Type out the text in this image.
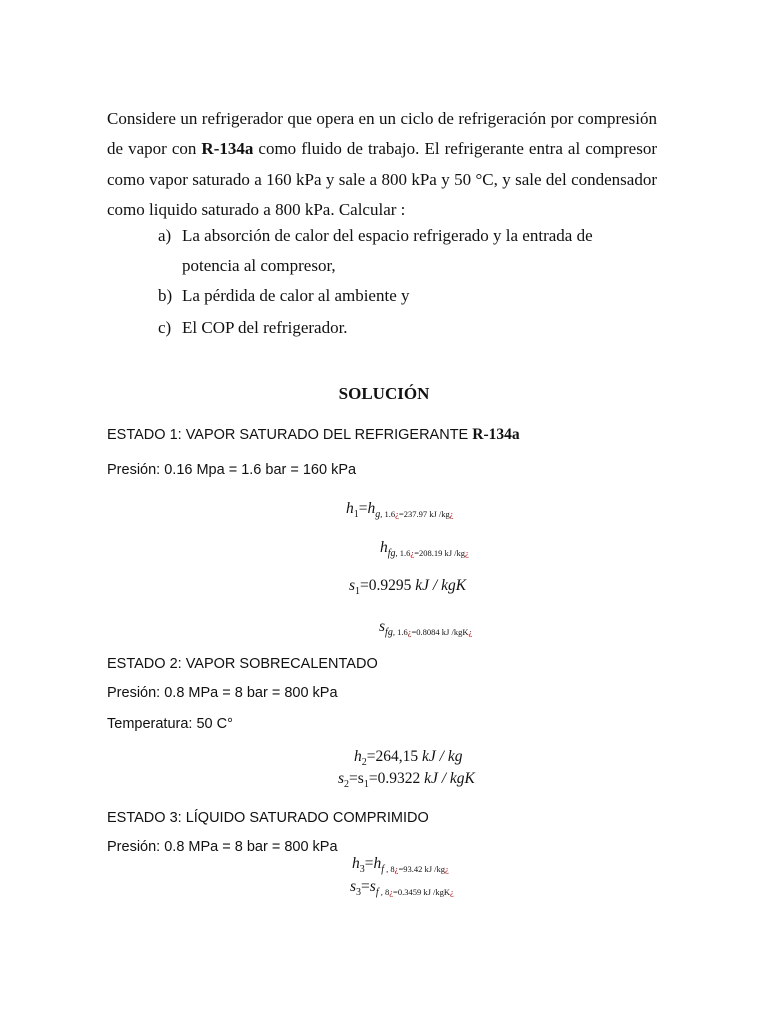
Considere un refrigerador que opera en un ciclo de refrigeración por compresión de vapor con R-134a como fluido de trabajo. El refrigerante entra al compresor como vapor saturado a 160 kPa y sale a 800 kPa y 50 °C, y sale del condensador como liquido saturado a 800 kPa. Calcular :
a) La absorción de calor del espacio refrigerado y la entrada de
potencia al compresor,
b) La pérdida de calor al ambiente y
c) El COP del refrigerador.
SOLUCIÓN
ESTADO 1: VAPOR SATURADO DEL REFRIGERANTE R-134a
Presión: 0.16 Mpa = 1.6 bar = 160 kPa
$h_1=h_{g, 1.6¿=237.97 kJ /kg¿}$
$h_{fg, 1.6¿=208.19 kJ /kg¿}$
$s_1=0.9295$ kJ / kgK
$s_{fg, 1.6¿=0.8084 kJ /kgK¿}$
ESTADO 2: VAPOR SOBRECALENTADO
Presión: 0.8 MPa = 8 bar = 800 kPa
Temperatura: 50 C°
$h_2=264,15$ kJ / kg
$s_2=s_1=0.9322$ kJ / kgK
ESTADO 3: LÍQUIDO SATURADO COMPRIMIDO
Presión: 0.8 MPa = 8 bar = 800 kPa
$h_3=h_f$ $_{, 8¿=93.42 kJ /kg¿}$
$s_3=s_f$ $_{, 8¿=0.3459 kJ /kgK¿}$
